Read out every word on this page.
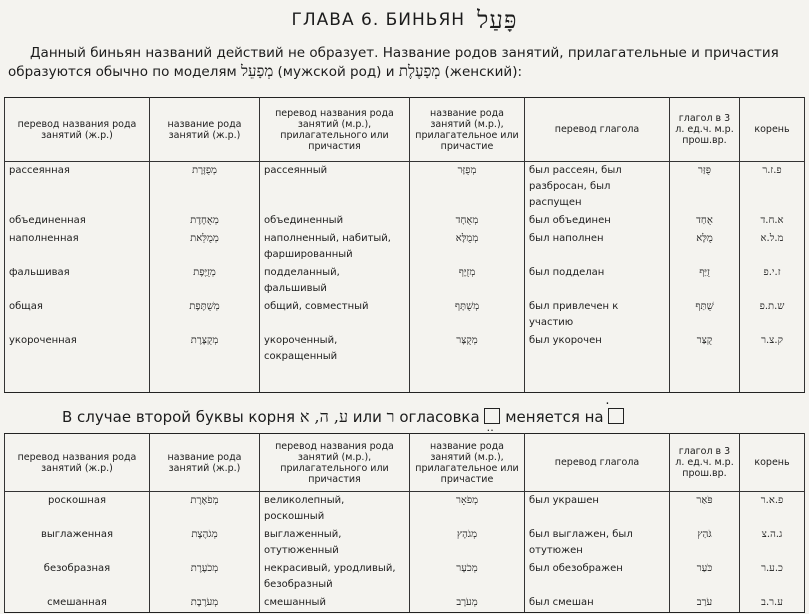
ГЛАВА 6. БИНЬЯН פָּעַל

Данный биньян названий действий не образует. Название родов занятий, прилагательные и причастия

образуются обычно по моделям מְפָעֵל (мужской род) и מְפָעֶלֶת (женский):
перевод названия рода занятий (ж.р.)	название рода занятий (ж.р.)	перевод названия рода занятий (м.р.), прилагательного или причастия	название рода занятий (м.р.), прилагательное или причастие	перевод глагола	глагол в 3 л. ед.ч. м.р. прош.вр.	корень
рассеянная	מְפֻזֶּרֶת	рассеянный	מְפֻזָּר	был рассеян, был разбросан, был распущен	פֻּזַּר	פ.ז.ר
объединенная	מְאֻחֶדֶת	объединенный	מְאֻחָד	был объединен	אֻחַד	א.ח.ד
наполненная	מְמֻלֵּאת	наполненный, набитый, фаршированный	מְמֻלָּא	был наполнен	מֻלָּא	מ.ל.א
фальшивая	מְזֻיֶּפֶת	подделанный, фальшивый	מְזֻיָּף	был подделан	זֻיַּף	ז.י.פ
общая	מְשֻׁתֶּפֶת	общий, совместный	מְשֻׁתָּף	был привлечен к участию	שֻׁתַּף	ש.ת.פ
укороченная	מְקֻצֶּרֶת	укороченный, сокращенный	מְקֻצָּר	был укорочен	קֻצַּר	ק.צ.ר
В случае второй буквы корня ע, ה, א или ר огласовка ‥ меняется на ·
перевод названия рода занятий (ж.р.)	название рода занятий (ж.р.)	перевод названия рода занятий (м.р.), прилагательного или причастия	название рода занятий (м.р.), прилагательное или причастие	перевод глагола	глагол в 3 л. ед.ч. м.р. прош.вр.	корень
роскошная	מְפֹאֶרֶת	великолепный, роскошный	מְפֹאָר	был украшен	פֹּאַר	פ.א.ר
выглаженная	מְגֹהֶצֶת	выглаженный, отутюженный	מְגֹהָץ	был выглажен, был отутюжен	גֹּהַץ	ג.ה.צ
безобразная	מְכֹעֶרֶת	некрасивый, уродливый, безобразный	מְכֹעָר	был обезображен	כֹּעַר	כ.ע.ר
смешанная	מְעֹרֶבֶת	смешанный	מְעֹרָב	был смешан	עֹרַב	ע.ר.ב
